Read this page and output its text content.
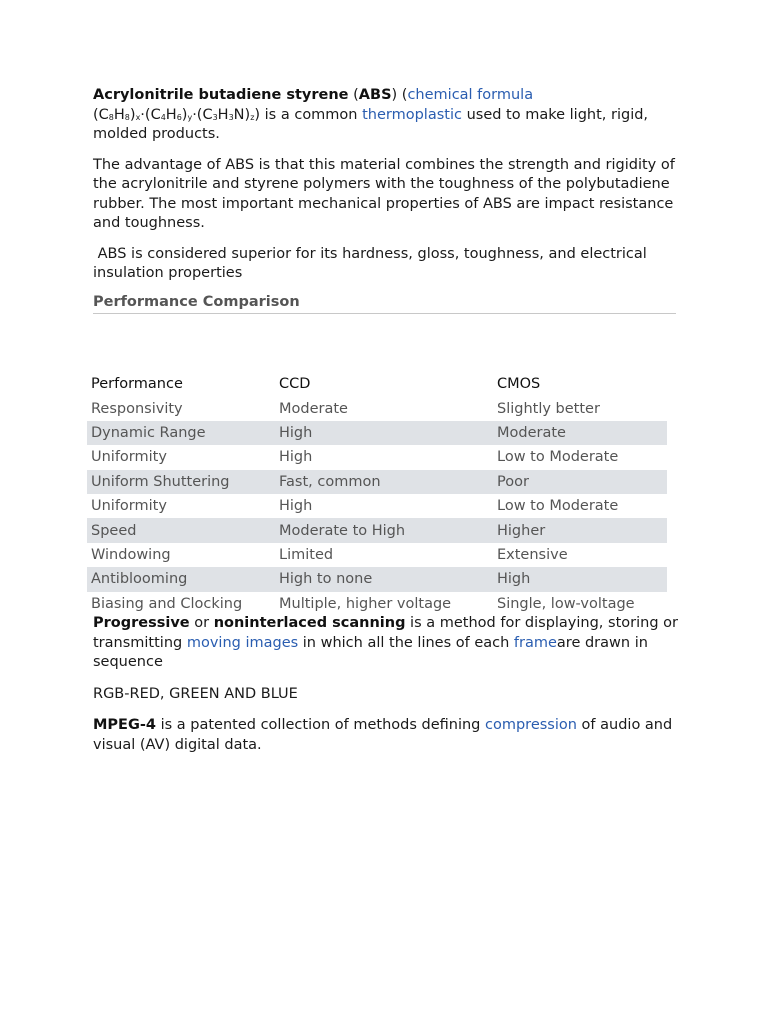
Acrylonitrile butadiene styrene (ABS) (chemical formula $(C_8H_8)_x\cdot(C_4H_6)_y\cdot(C_3H_3N)_z$) is a common thermoplastic used to make light, rigid, molded products.

The advantage of ABS is that this material combines the strength and rigidity of the acrylonitrile and styrene polymers with the toughness of the polybutadiene rubber. The most important mechanical properties of ABS are impact resistance and toughness.

ABS is considered superior for its hardness, gloss, toughness, and electrical insulation properties

Performance Comparison
Performance	CCD	CMOS
Responsivity	Moderate	Slightly better
Dynamic Range	High	Moderate
Uniformity	High	Low to Moderate
Uniform Shuttering	Fast, common	Poor
Uniformity	High	Low to Moderate
Speed	Moderate to High	Higher
Windowing	Limited	Extensive
Antiblooming	High to none	High
Biasing and Clocking	Multiple, higher voltage	Single, low-voltage

Progressive or noninterlaced scanning is a method for displaying, storing or transmitting moving images in which all the lines of each frameare drawn in sequence

RGB-RED, GREEN AND BLUE

MPEG-4 is a patented collection of methods defining compression of audio and visual (AV) digital data.
